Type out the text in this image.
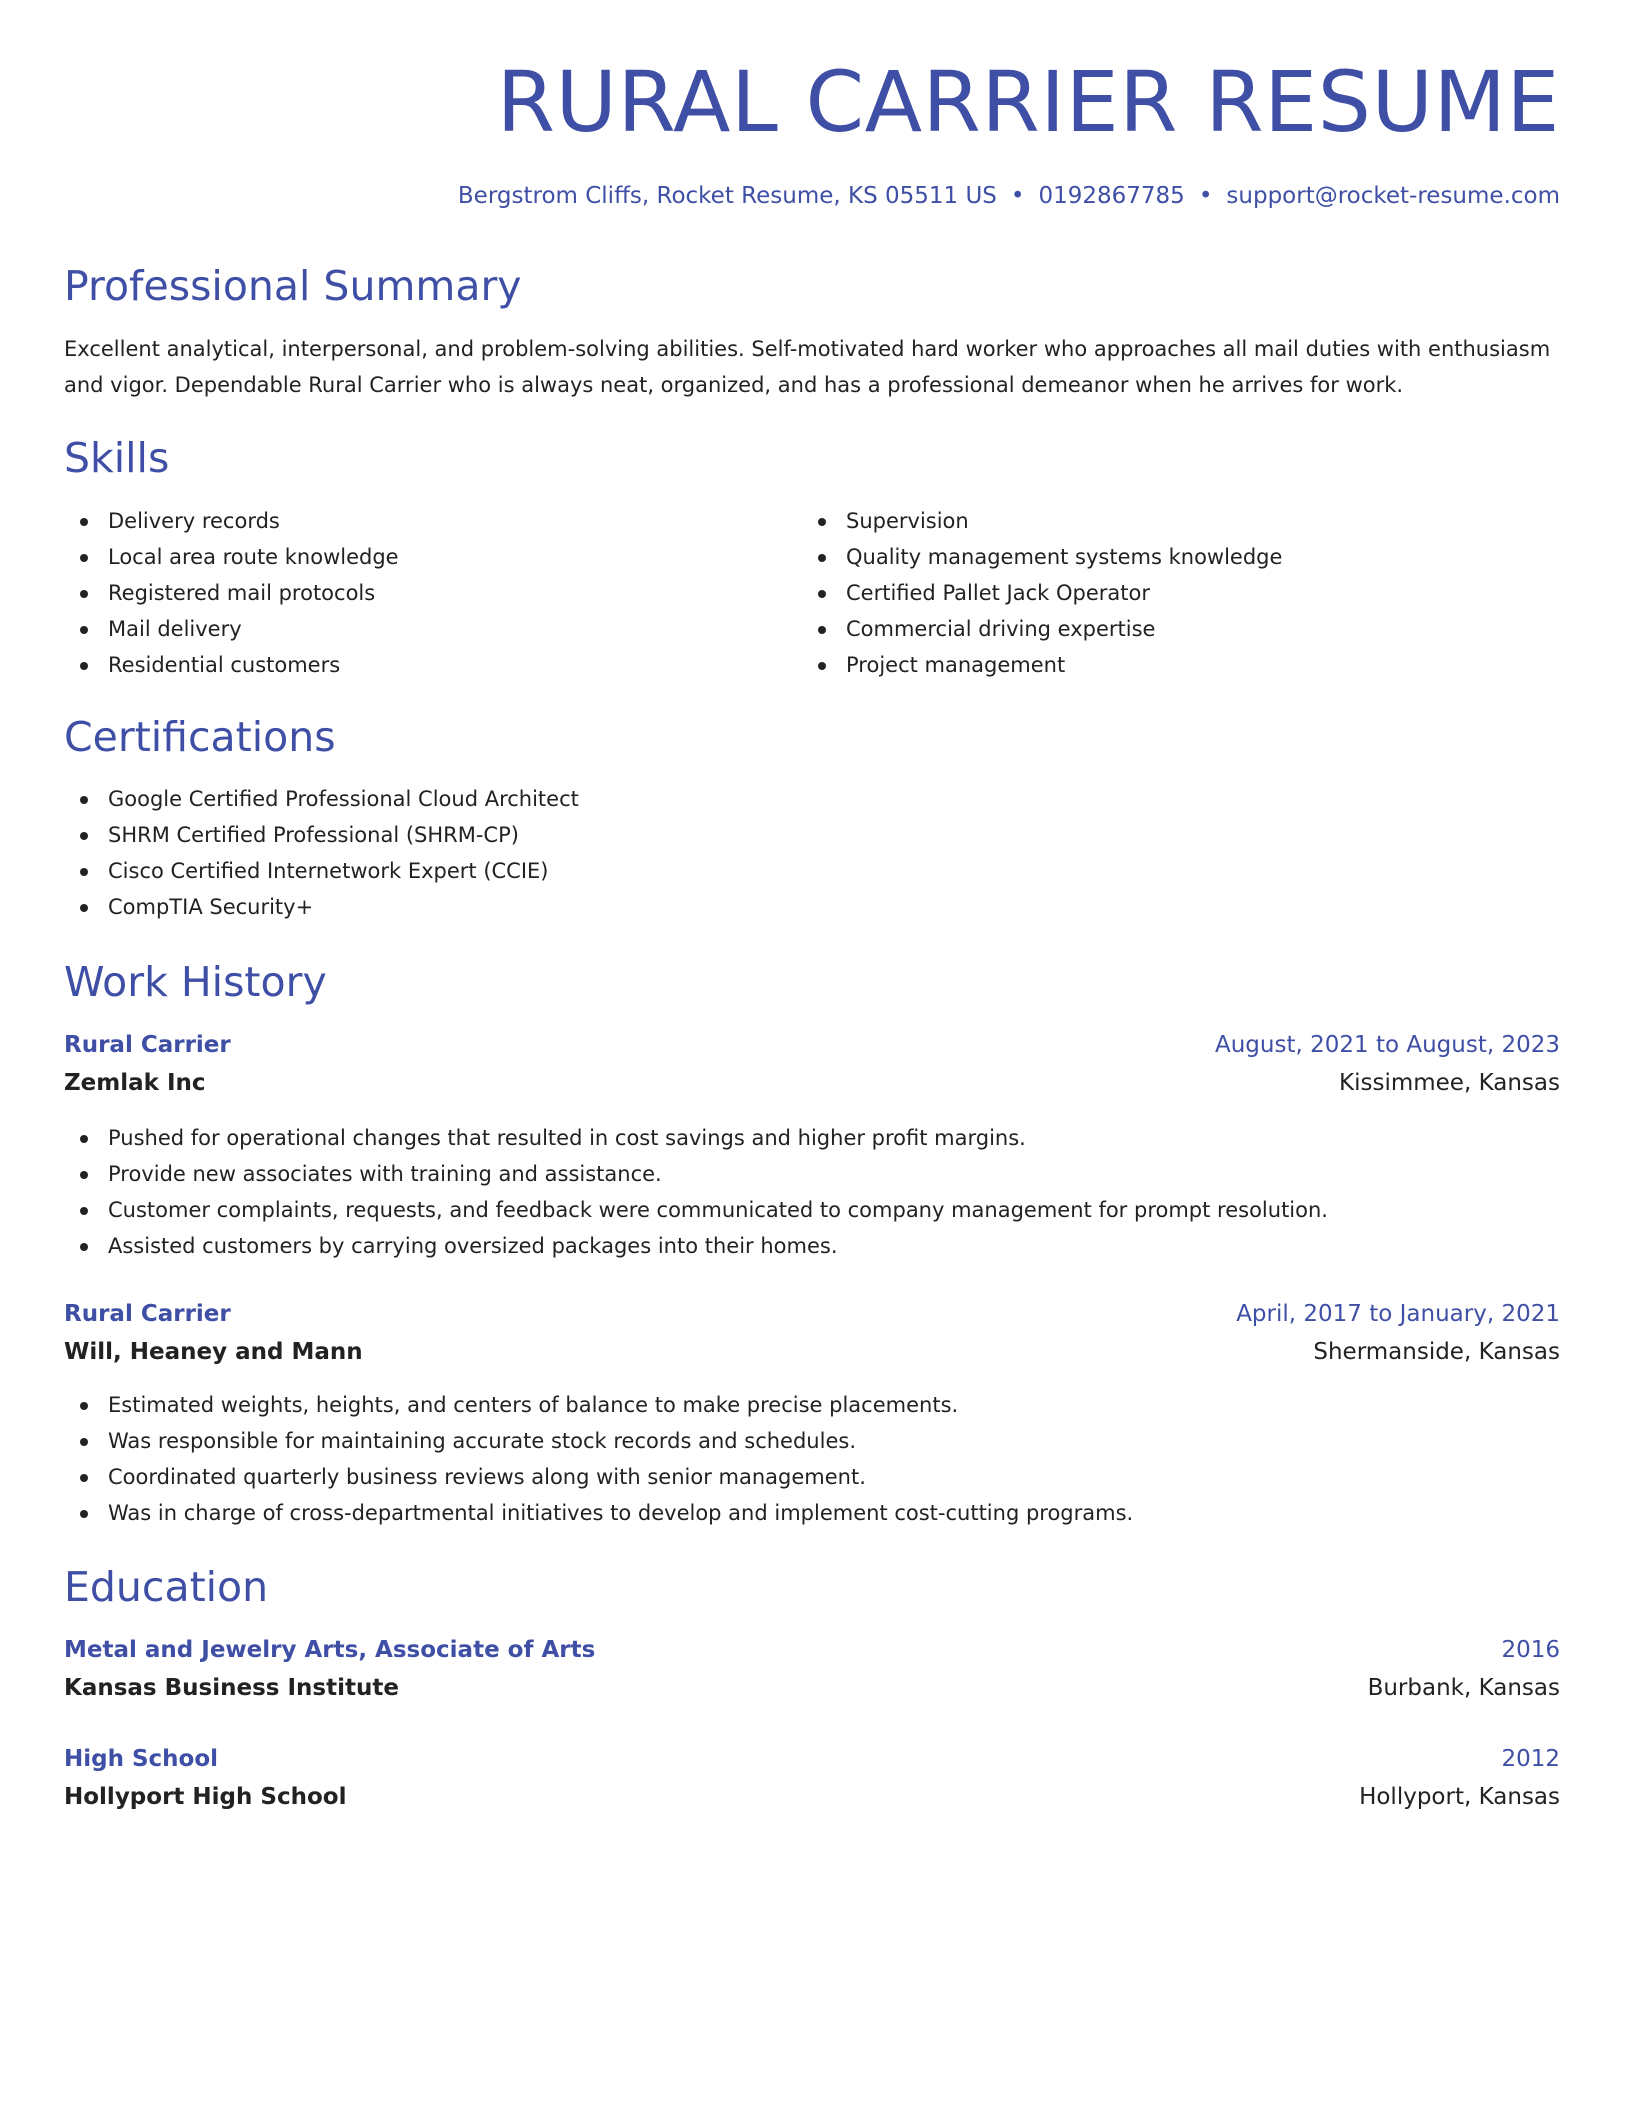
RURAL CARRIER RESUME
Bergstrom Cliffs, Rocket Resume, KS 05511 US • 0192867785 • support@rocket-resume.com
Professional Summary

Excellent analytical, interpersonal, and problem-solving abilities. Self-motivated hard worker who approaches all mail duties with enthusiasm and vigor. Dependable Rural Carrier who is always neat, organized, and has a professional demeanor when he arrives for work.

Skills
Delivery records
Local area route knowledge
Registered mail protocols
Mail delivery
Residential customers
Supervision
Quality management systems knowledge
Certified Pallet Jack Operator
Commercial driving expertise
Project management
Certifications
Google Certified Professional Cloud Architect
SHRM Certified Professional (SHRM-CP)
Cisco Certified Internetwork Expert (CCIE)
CompTIA Security+
Work History
Rural Carrier	August, 2021 to August, 2023
Zemlak Inc	Kissimmee, Kansas
Pushed for operational changes that resulted in cost savings and higher profit margins.
Provide new associates with training and assistance.
Customer complaints, requests, and feedback were communicated to company management for prompt resolution.
Assisted customers by carrying oversized packages into their homes.
Rural Carrier	April, 2017 to January, 2021
Will, Heaney and Mann	Shermanside, Kansas
Estimated weights, heights, and centers of balance to make precise placements.
Was responsible for maintaining accurate stock records and schedules.
Coordinated quarterly business reviews along with senior management.
Was in charge of cross-departmental initiatives to develop and implement cost-cutting programs.
Education
Metal and Jewelry Arts, Associate of Arts	2016
Kansas Business Institute	Burbank, Kansas
High School	2012
Hollyport High School	Hollyport, Kansas
